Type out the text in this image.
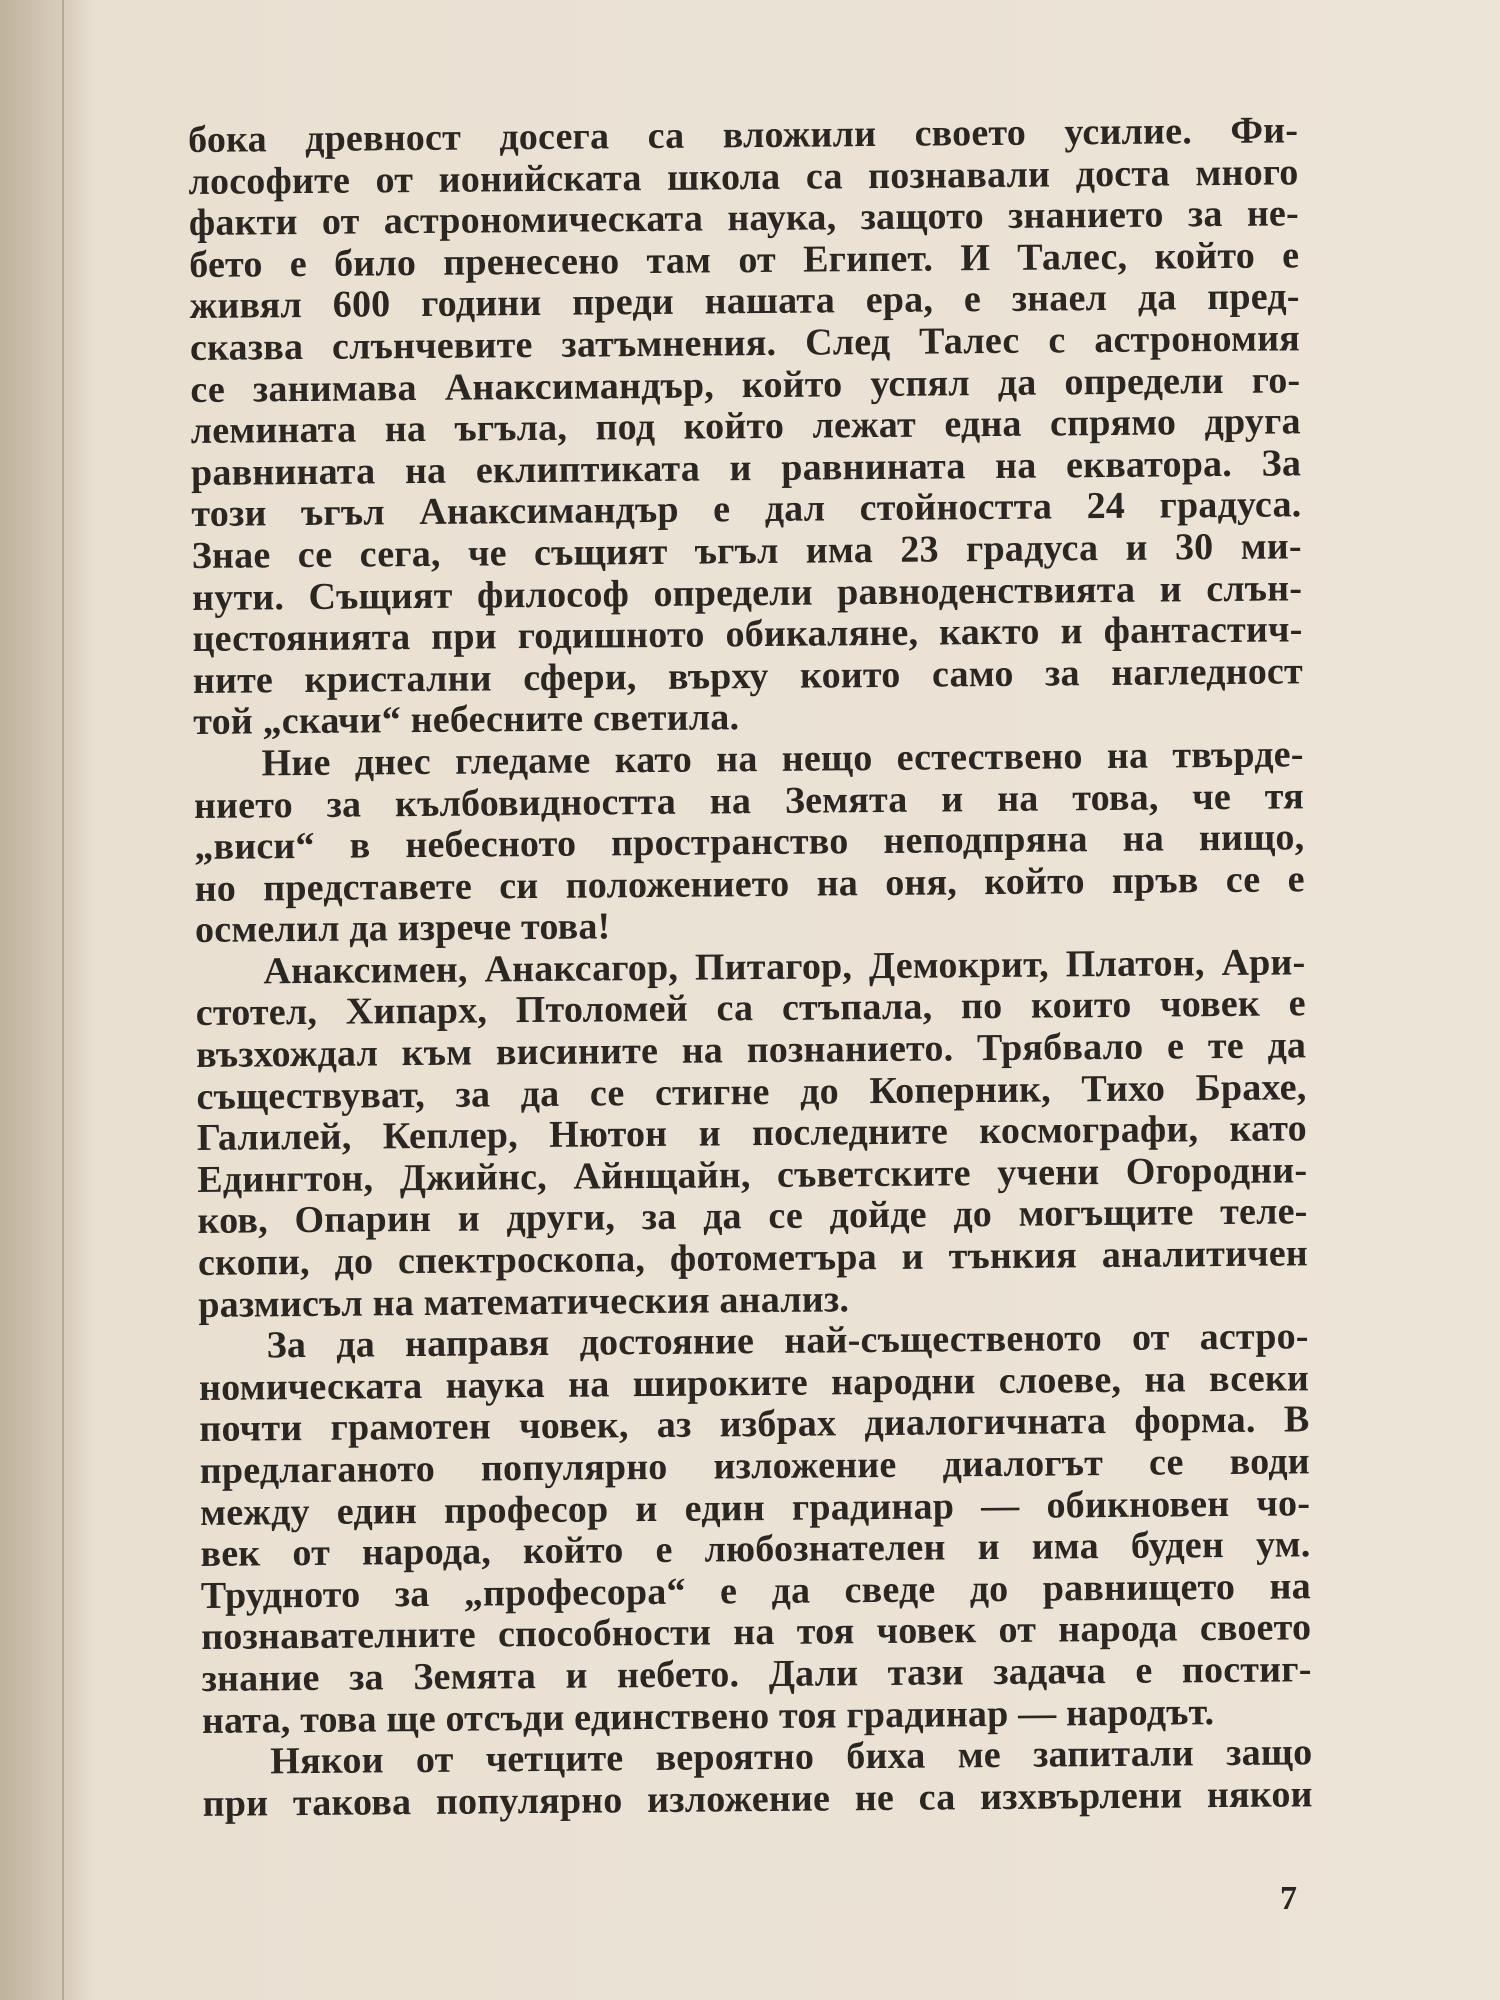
бока древност досега са вложили своето усилие. Фи-
лософите от ионийската школа са познавали доста много
факти от астрономическата наука, защото знанието за не-
бето е било пренесено там от Египет. И Талес, който е
живял 600 години преди нашата ера, е знаел да пред-
сказва слънчевите затъмнения. След Талес с астрономия
се занимава Анаксимандър, който успял да определи го-
лемината на ъгъла, под който лежат една спрямо друга
равнината на еклиптиката и равнината на екватора. За
този ъгъл Анаксимандър е дал стойността 24 градуса.
Знае се сега, че същият ъгъл има 23 градуса и 30 ми-
нути. Същият философ определи равноденствията и слън-
цестоянията при годишното обикаляне, както и фантастич-
ните кристални сфери, върху които само за нагледност
той „скачи“ небесните светила.
Ние днес гледаме като на нещо естествено на твърде-
нието за кълбовидността на Земята и на това, че тя
„виси“ в небесното пространство неподпряна на нищо,
но представете си положението на оня, който пръв се е
осмелил да изрече това!
Анаксимен, Анаксагор, Питагор, Демокрит, Платон, Ари-
стотел, Хипарх, Птоломей са стъпала, по които човек е
възхождал към висините на познанието. Трябвало е те да
съществуват, за да се стигне до Коперник, Тихо Брахе,
Галилей, Кеплер, Нютон и последните космографи, като
Едингтон, Джийнс, Айнщайн, съветските учени Огородни-
ков, Опарин и други, за да се дойде до могъщите теле-
скопи, до спектроскопа, фотометъра и тънкия аналитичен
размисъл на математическия анализ.
За да направя достояние най-същественото от астро-
номическата наука на широките народни слоеве, на всеки
почти грамотен човек, аз избрах диалогичната форма. В
предлаганото популярно изложение диалогът се води
между един професор и един градинар — обикновен чо-
век от народа, който е любознателен и има буден ум.
Трудното за „професора“ е да сведе до равнището на
познавателните способности на тоя човек от народа своето
знание за Земята и небето. Дали тази задача е постиг-
ната, това ще отсъди единствено тоя градинар — народът.
Някои от четците вероятно биха ме запитали защо
при такова популярно изложение не са изхвърлени някои
7
